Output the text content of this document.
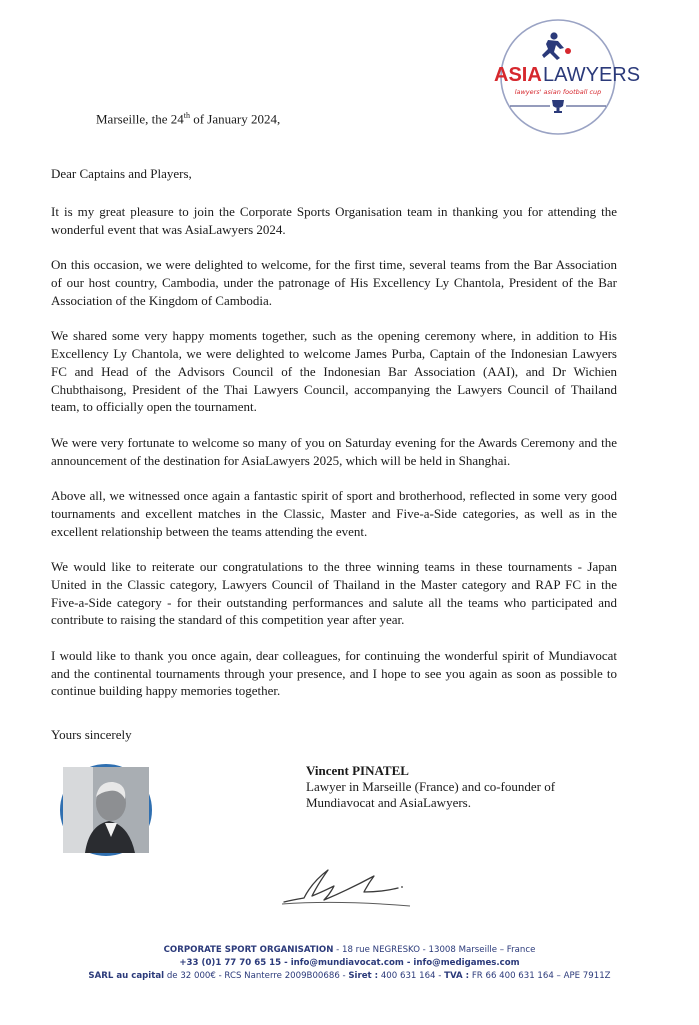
ASIA LAWYERS
lawyers' asian football cup
Marseille, the 24th of January 2024,
Dear Captains and Players,

It is my great pleasure to join the Corporate Sports Organisation team in thanking you for attending the wonderful event that was AsiaLawyers 2024.

On this occasion, we were delighted to welcome, for the first time, several teams from the Bar Association of our host country, Cambodia, under the patronage of His Excellency Ly Chantola, President of the Bar Association of the Kingdom of Cambodia.

We shared some very happy moments together, such as the opening ceremony where, in addition to His Excellency Ly Chantola, we were delighted to welcome James Purba, Captain of the Indonesian Lawyers FC and Head of the Advisors Council of the Indonesian Bar Association (AAI), and Dr Wichien Chubthaisong, President of the Thai Lawyers Council, accompanying the Lawyers Council of Thailand team, to officially open the tournament.

We were very fortunate to welcome so many of you on Saturday evening for the Awards Ceremony and the announcement of the destination for AsiaLawyers 2025, which will be held in Shanghai.

Above all, we witnessed once again a fantastic spirit of sport and brotherhood, reflected in some very good tournaments and excellent matches in the Classic, Master and Five-a-Side categories, as well as in the excellent relationship between the teams attending the event.

We would like to reiterate our congratulations to the three winning teams in these tournaments - Japan United in the Classic category, Lawyers Council of Thailand in the Master category and RAP FC in the Five-a-Side category - for their outstanding performances and salute all the teams who participated and contribute to raising the standard of this competition year after year.

I would like to thank you once again, dear colleagues, for continuing the wonderful spirit of Mundiavocat and the continental tournaments through your presence, and I hope to see you again as soon as possible to continue building happy memories together.

Yours sincerely
Vincent PINATEL
Lawyer in Marseille (France) and co-founder of
Mundiavocat and AsiaLawyers.
CORPORATE SPORT ORGANISATION - 18 rue NEGRESKO - 13008 Marseille – France
+33 (0)1 77 70 65 15 - info@mundiavocat.com - info@medigames.com
SARL au capital de 32 000€ - RCS Nanterre 2009B00686 - Siret : 400 631 164 - TVA : FR 66 400 631 164 – APE 7911Z
